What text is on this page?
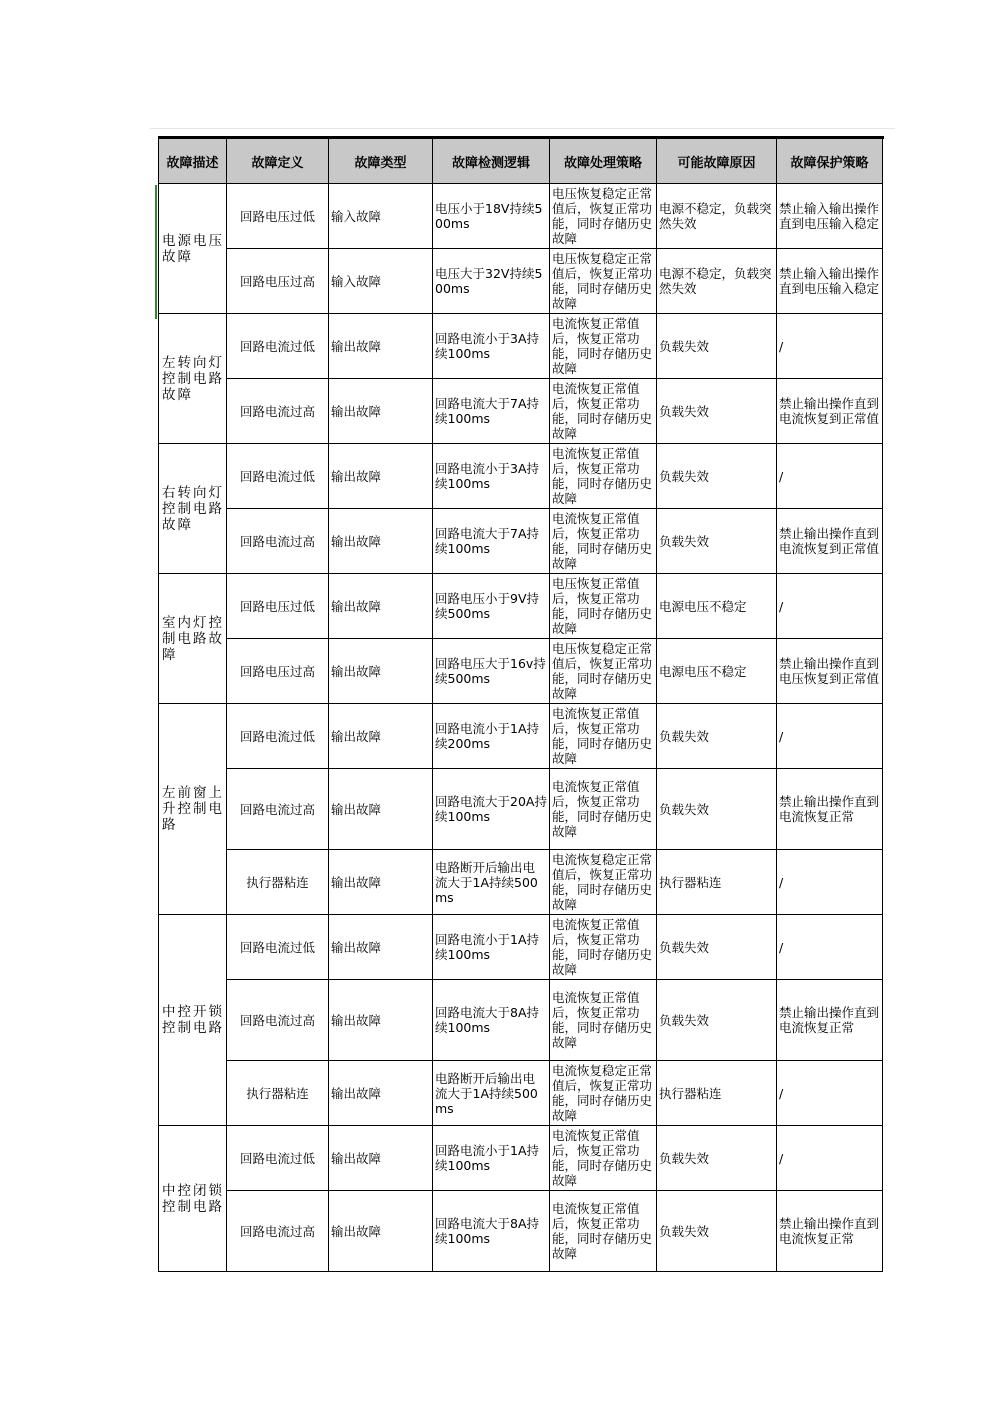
故障描述	故障定义	故障类型	故障检测逻辑	故障处理策略	可能故障原因	故障保护策略
电源电压故障	回路电压过低	输入故障	电压小于18V持续500ms	电压恢复稳定正常值后，恢复正常功能，同时存储历史故障	电源不稳定，负载突然失效	禁止输入输出操作直到电压输入稳定
	回路电压过高	输入故障	电压大于32V持续500ms	电压恢复稳定正常值后，恢复正常功能，同时存储历史故障	电源不稳定，负载突然失效	禁止输入输出操作直到电压输入稳定
左转向灯控制电路故障	回路电流过低	输出故障	回路电流小于3A持续100ms	电流恢复正常值后，恢复正常功能，同时存储历史故障	负载失效	/
	回路电流过高	输出故障	回路电流大于7A持续100ms	电流恢复正常值后，恢复正常功能，同时存储历史故障	负载失效	禁止输出操作直到电流恢复到正常值
右转向灯控制电路故障	回路电流过低	输出故障	回路电流小于3A持续100ms	电流恢复正常值后，恢复正常功能，同时存储历史故障	负载失效	/
	回路电流过高	输出故障	回路电流大于7A持续100ms	电流恢复正常值后，恢复正常功能，同时存储历史故障	负载失效	禁止输出操作直到电流恢复到正常值
室内灯控制电路故障	回路电压过低	输出故障	回路电压小于9V持续500ms	电压恢复正常值后，恢复正常功能，同时存储历史故障	电源电压不稳定	/
	回路电压过高	输出故障	回路电压大于16v持续500ms	电压恢复稳定正常值后，恢复正常功能，同时存储历史故障	电源电压不稳定	禁止输出操作直到电压恢复到正常值
左前窗上升控制电路	回路电流过低	输出故障	回路电流小于1A持续200ms	电流恢复正常值后，恢复正常功能，同时存储历史故障	负载失效	/
	回路电流过高	输出故障	回路电流大于20A持续100ms	电流恢复正常值后，恢复正常功能，同时存储历史故障	负载失效	禁止输出操作直到电流恢复正常
	执行器粘连	输出故障	电路断开后输出电流大于1A持续500ms	电流恢复稳定正常值后，恢复正常功能，同时存储历史故障	执行器粘连	/
中控开锁控制电路	回路电流过低	输出故障	回路电流小于1A持续100ms	电流恢复正常值后，恢复正常功能，同时存储历史故障	负载失效	/
	回路电流过高	输出故障	回路电流大于8A持续100ms	电流恢复正常值后，恢复正常功能，同时存储历史故障	负载失效	禁止输出操作直到电流恢复正常
	执行器粘连	输出故障	电路断开后输出电流大于1A持续500ms	电流恢复稳定正常值后，恢复正常功能，同时存储历史故障	执行器粘连	/
中控闭锁控制电路	回路电流过低	输出故障	回路电流小于1A持续100ms	电流恢复正常值后，恢复正常功能，同时存储历史故障	负载失效	/
	回路电流过高	输出故障	回路电流大于8A持续100ms	电流恢复正常值后，恢复正常功能，同时存储历史故障	负载失效	禁止输出操作直到电流恢复正常
